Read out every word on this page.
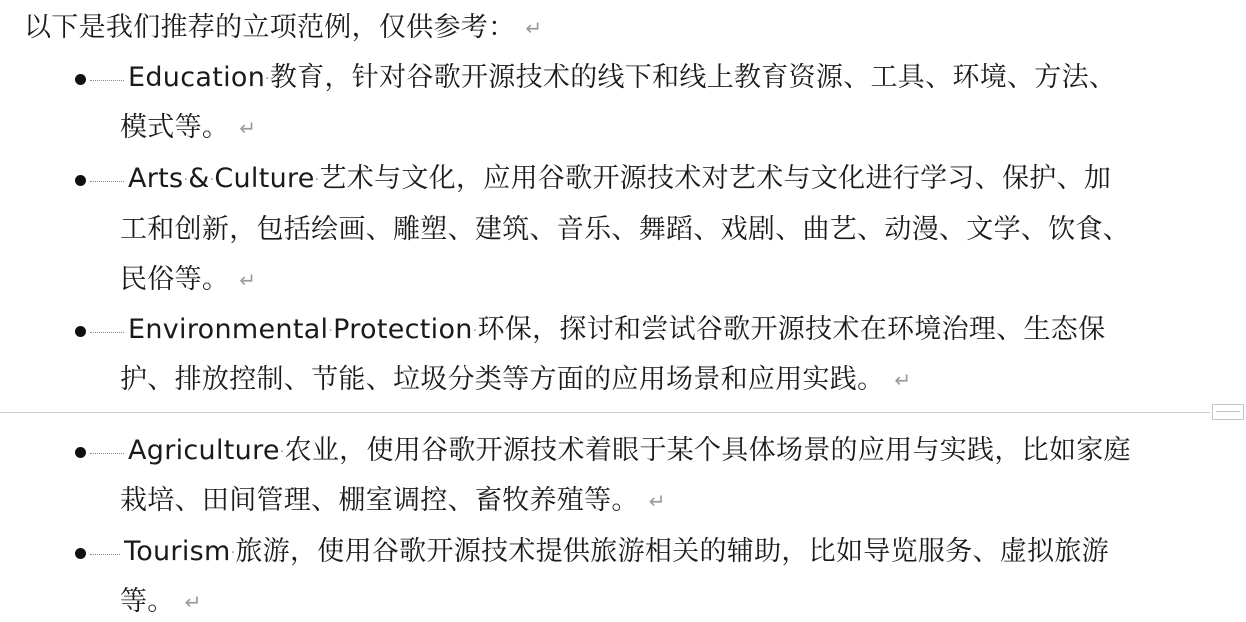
以下是我们推荐的立项范例，仅供参考： ↵
Education·教育，针对谷歌开源技术的线下和线上教育资源、工具、环境、方法、
模式等。 ↵
Arts·&·Culture·艺术与文化，应用谷歌开源技术对艺术与文化进行学习、保护、加
工和创新，包括绘画、雕塑、建筑、音乐、舞蹈、戏剧、曲艺、动漫、文学、饮食、
民俗等。 ↵
Environmental·Protection·环保，探讨和尝试谷歌开源技术在环境治理、生态保
护、排放控制、节能、垃圾分类等方面的应用场景和应用实践。 ↵
Agriculture·农业，使用谷歌开源技术着眼于某个具体场景的应用与实践，比如家庭
栽培、田间管理、棚室调控、畜牧养殖等。 ↵
Tourism·旅游，使用谷歌开源技术提供旅游相关的辅助，比如导览服务、虚拟旅游
等。 ↵
